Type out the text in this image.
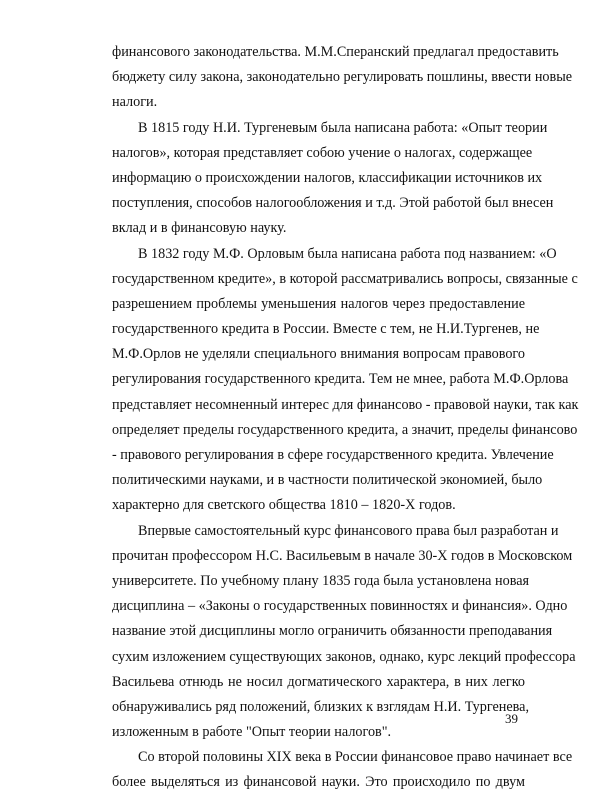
финансового законодательства. М.М.Сперанский предлагал предоставить
бюджету силу закона, законодательно регулировать пошлины, ввести новые
налоги.
В 1815 году Н.И. Тургеневым была написана работа: «Опыт теории
налогов», которая представляет собою учение о налогах, содержащее
информацию о происхождении налогов, классификации источников их
поступления, способов налогообложения и т.д. Этой работой был внесен
вклад и в финансовую науку.
В 1832 году М.Ф. Орловым была написана работа под названием: «О
государственном кредите», в которой рассматривались вопросы, связанные с
разрешением проблемы уменьшения налогов через предоставление
государственного кредита в России. Вместе с тем, не Н.И.Тургенев, не
М.Ф.Орлов не уделяли специального внимания вопросам правового
регулирования государственного кредита. Тем не мнее, работа М.Ф.Орлова
представляет несомненный интерес для финансово - правовой науки, так как
определяет пределы государственного кредита, а значит, пределы финансово
- правового регулирования в сфере государственного кредита. Увлечение
политическими науками, и в частности политической экономией, было
характерно для светского общества 1810 – 1820-Х годов.
Впервые самостоятельный курс финансового права был разработан и
прочитан профессором Н.С. Васильевым в начале 30-Х годов в Московском
университете. По учебному плану 1835 года была установлена новая
дисциплина – «Законы о государственных повинностях и финансия». Одно
название этой дисциплины могло ограничить обязанности преподавания
сухим изложением существующих законов, однако, курс лекций профессора
Васильева отнюдь не носил догматического характера, в них легко
обнаруживались ряд положений, близких к взглядам Н.И. Тургенева,
изложенным в работе "Опыт теории налогов".
Со второй половины XIX века в России финансовое право начинает все
более выделяться из финансовой науки. Это происходило по двум
39
